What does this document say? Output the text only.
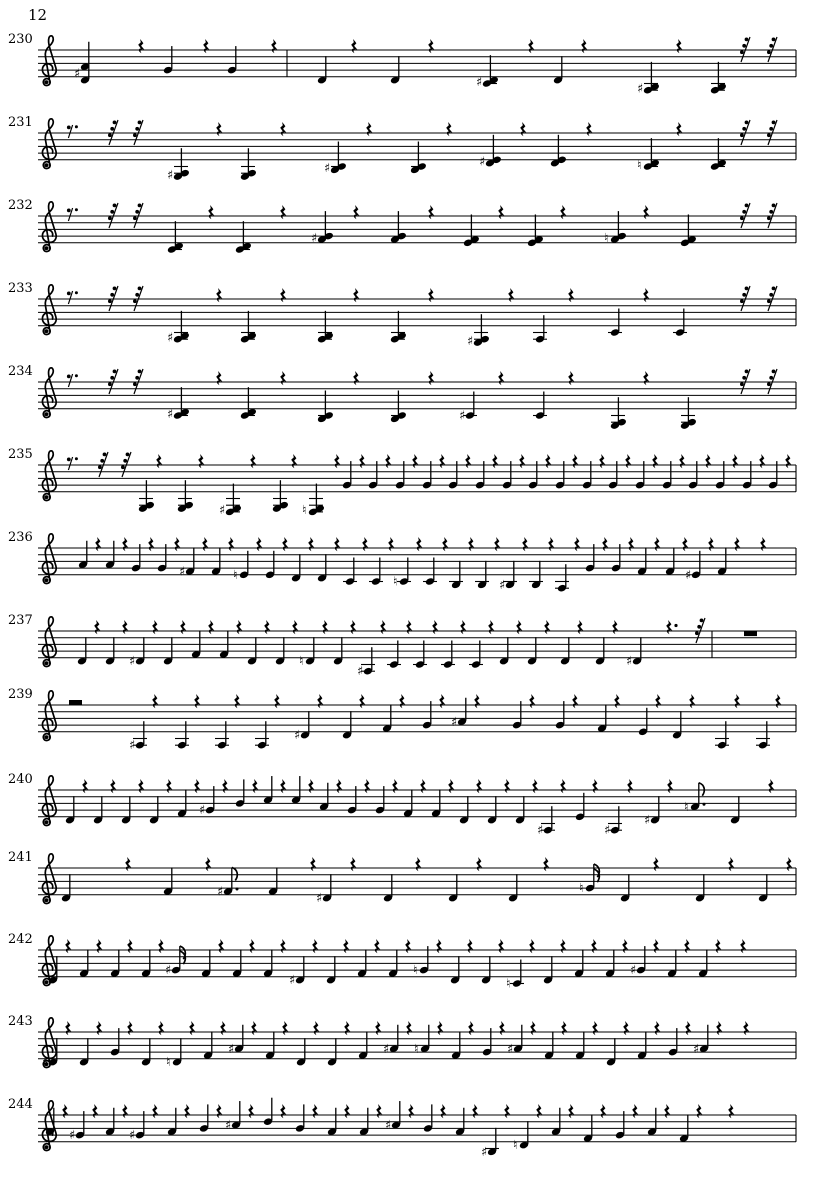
12
230
♯
♯	♯
231
♯	♯	♯	♮
232
♯	♮
233
♯	♯
234
♯	♯
235
♯	♮
236
♯	♮	♮	♯
♯
237
♯	♮
♯
♯
239
♯
♯
♯
240
♯
♯	♯
♯
♮
241
♯	♯
♮
242
♯
♯
♮
♮
♯
243
♯	♮
♯	♯ ♮	♯	♯
244
♯	♯
♯	♯
♯ ♮
